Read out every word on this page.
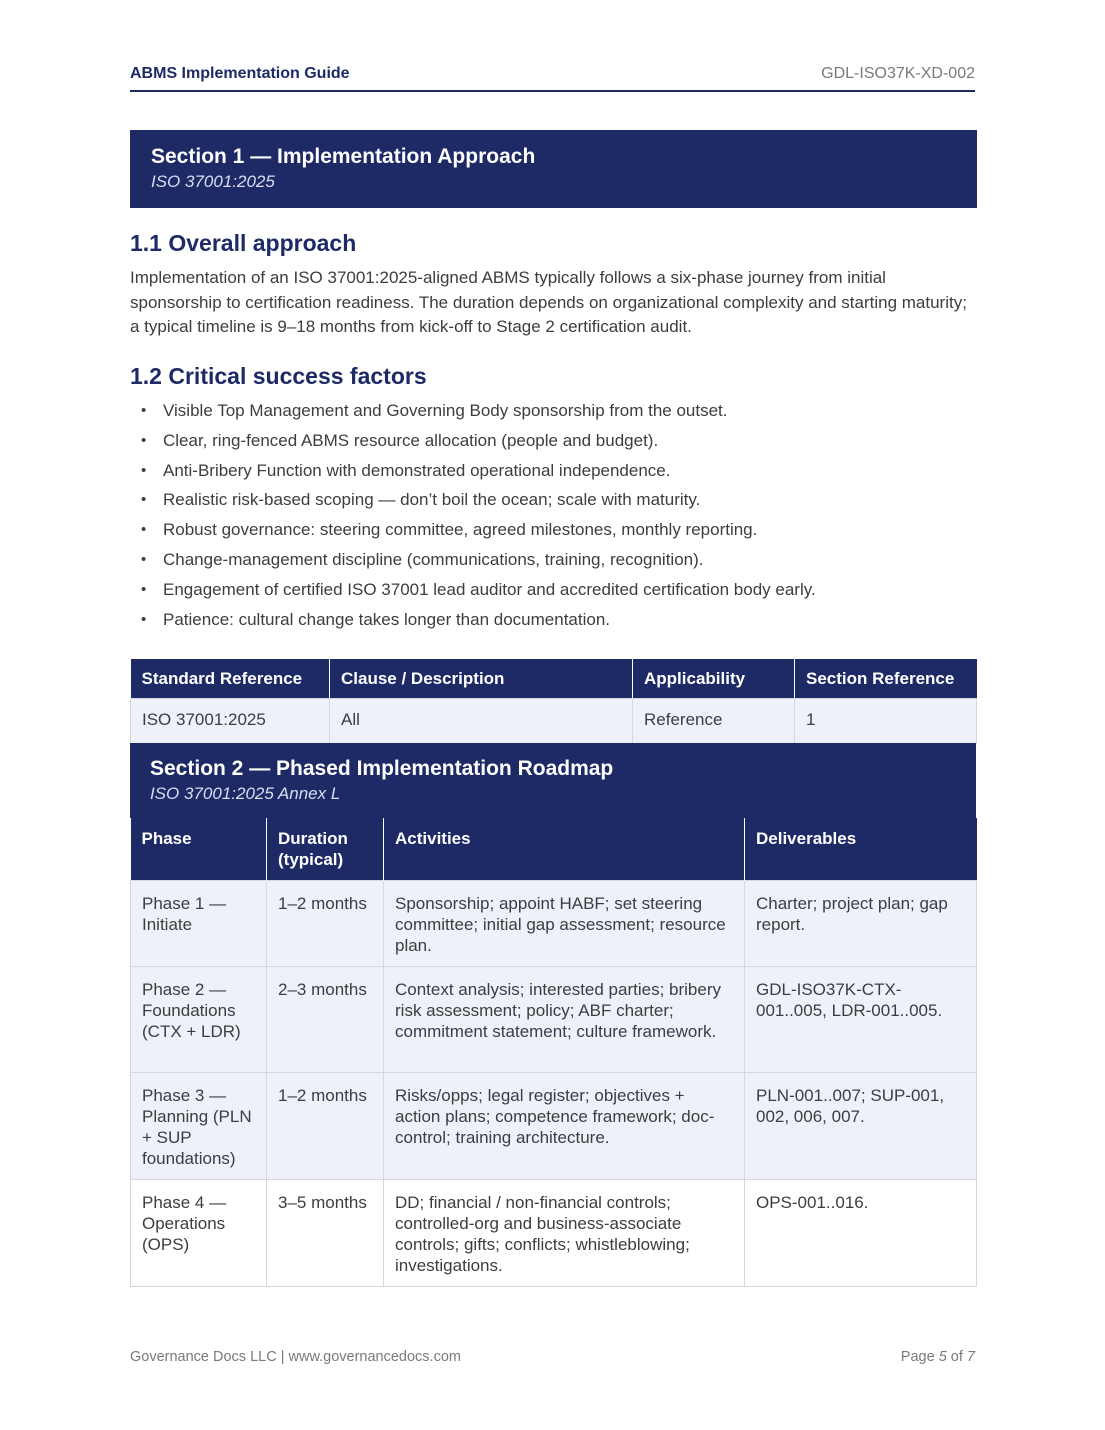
ABMS Implementation Guide	GDL-ISO37K-XD-002
Section 1 — Implementation Approach
ISO 37001:2025
1.1 Overall approach

Implementation of an ISO 37001:2025-aligned ABMS typically follows a six-phase journey from initial sponsorship to certification readiness. The duration depends on organizational complexity and starting maturity; a typical timeline is 9–18 months from kick-off to Stage 2 certification audit.

1.2 Critical success factors
• Visible Top Management and Governing Body sponsorship from the outset.
• Clear, ring-fenced ABMS resource allocation (people and budget).
• Anti-Bribery Function with demonstrated operational independence.
• Realistic risk-based scoping — don’t boil the ocean; scale with maturity.
• Robust governance: steering committee, agreed milestones, monthly reporting.
• Change-management discipline (communications, training, recognition).
• Engagement of certified ISO 37001 lead auditor and accredited certification body early.
• Patience: cultural change takes longer than documentation.
Standard Reference	Clause / Description	Applicability	Section Reference
ISO 37001:2025	All	Reference	1
Section 2 — Phased Implementation Roadmap
ISO 37001:2025 Annex L
Phase	Duration (typical)	Activities	Deliverables
Phase 1 — Initiate	1–2 months	Sponsorship; appoint HABF; set steering committee; initial gap assessment; resource plan.	Charter; project plan; gap report.
Phase 2 — Foundations (CTX + LDR)	2–3 months	Context analysis; interested parties; bribery risk assessment; policy; ABF charter; commitment statement; culture framework.	GDL-ISO37K-CTX-001..005, LDR-001..005.
Phase 3 — Planning (PLN + SUP foundations)	1–2 months	Risks/opps; legal register; objectives + action plans; competence framework; doc-control; training architecture.	PLN-001..007; SUP-001, 002, 006, 007.
Phase 4 — Operations (OPS)	3–5 months	DD; financial / non-financial controls; controlled-org and business-associate controls; gifts; conflicts; whistleblowing; investigations.	OPS-001..016.
Governance Docs LLC | www.governancedocs.com	Page 5 of 7
